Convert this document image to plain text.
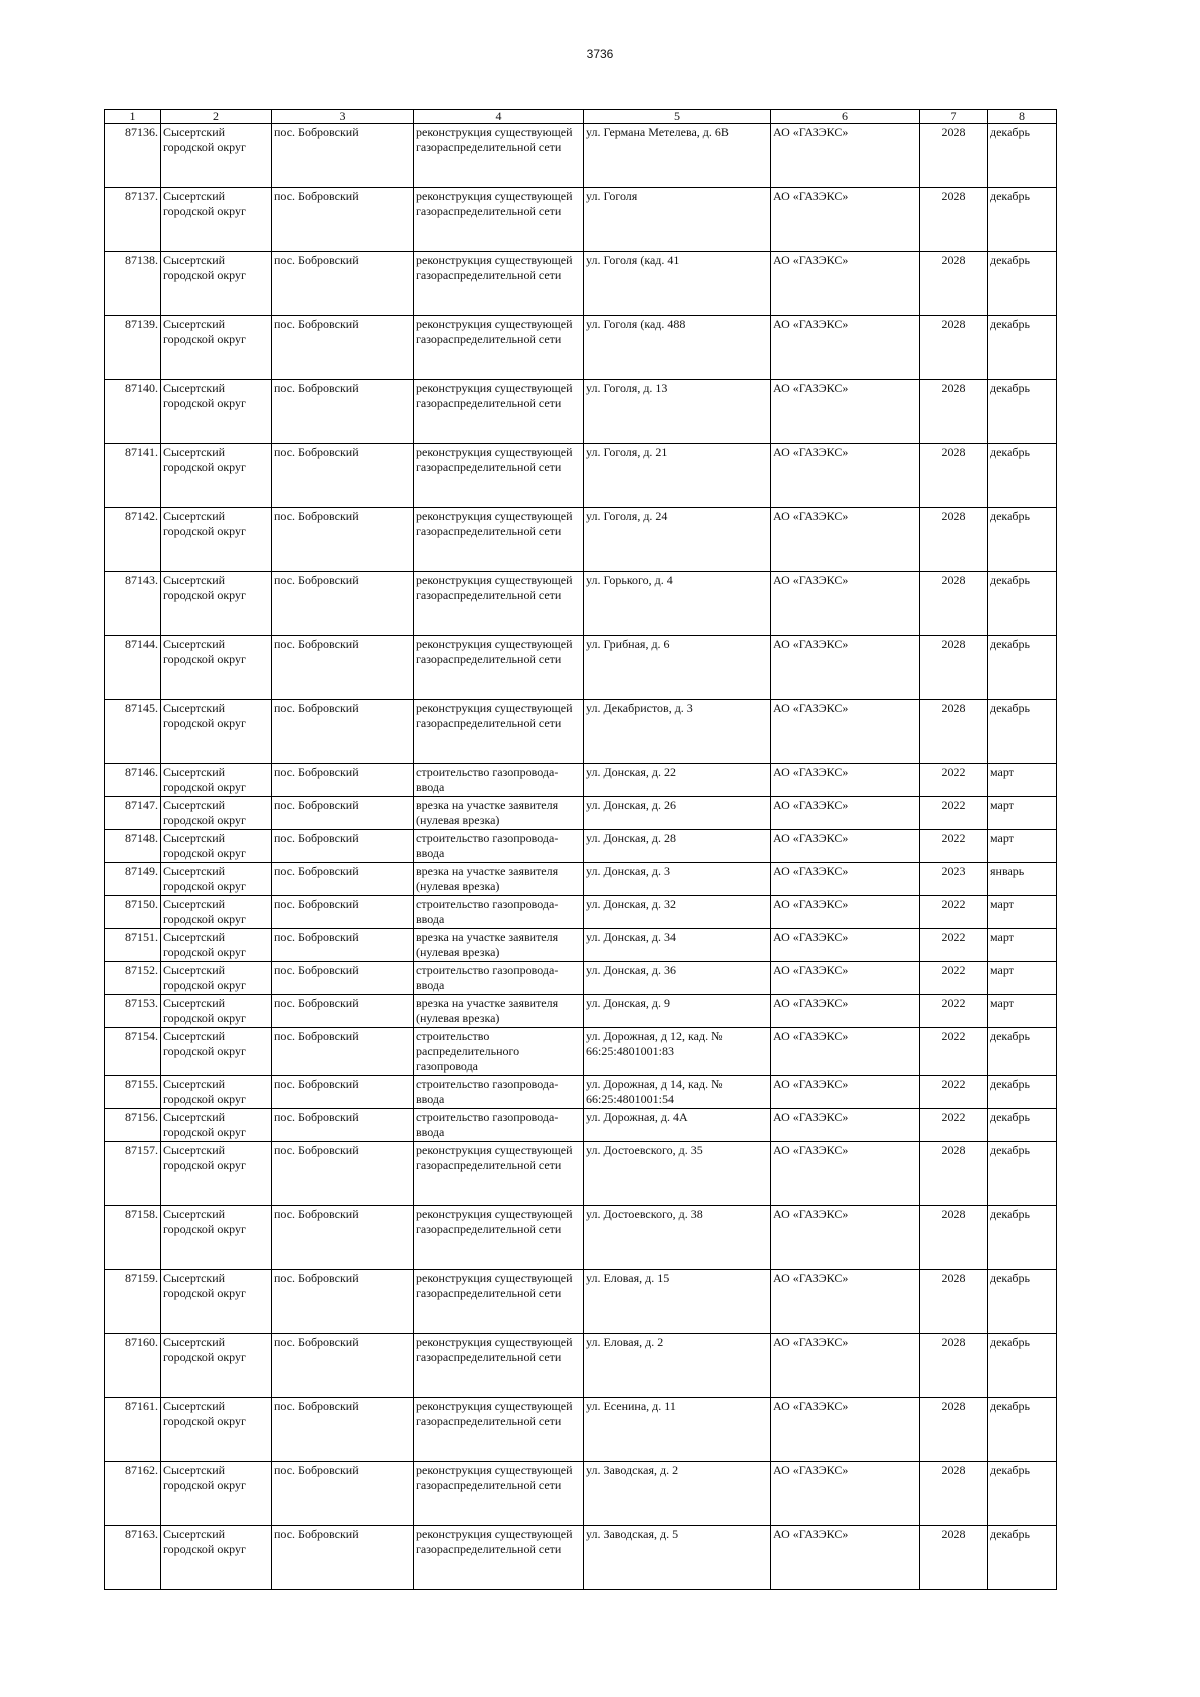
3736
1	2	3	4	5	6	7	8
87136.	Сысертский городской округ	пос. Бобровский	реконструкция существующей газораспределительной сети	ул. Германа Метелева, д. 6В	АО «ГАЗЭКС»	2028	декабрь
87137.	Сысертский городской округ	пос. Бобровский	реконструкция существующей газораспределительной сети	ул. Гоголя	АО «ГАЗЭКС»	2028	декабрь
87138.	Сысертский городской округ	пос. Бобровский	реконструкция существующей газораспределительной сети	ул. Гоголя (кад. 41	АО «ГАЗЭКС»	2028	декабрь
87139.	Сысертский городской округ	пос. Бобровский	реконструкция существующей газораспределительной сети	ул. Гоголя (кад. 488	АО «ГАЗЭКС»	2028	декабрь
87140.	Сысертский городской округ	пос. Бобровский	реконструкция существующей газораспределительной сети	ул. Гоголя, д. 13	АО «ГАЗЭКС»	2028	декабрь
87141.	Сысертский городской округ	пос. Бобровский	реконструкция существующей газораспределительной сети	ул. Гоголя, д. 21	АО «ГАЗЭКС»	2028	декабрь
87142.	Сысертский городской округ	пос. Бобровский	реконструкция существующей газораспределительной сети	ул. Гоголя, д. 24	АО «ГАЗЭКС»	2028	декабрь
87143.	Сысертский городской округ	пос. Бобровский	реконструкция существующей газораспределительной сети	ул. Горького, д. 4	АО «ГАЗЭКС»	2028	декабрь
87144.	Сысертский городской округ	пос. Бобровский	реконструкция существующей газораспределительной сети	ул. Грибная, д. 6	АО «ГАЗЭКС»	2028	декабрь
87145.	Сысертский городской округ	пос. Бобровский	реконструкция существующей газораспределительной сети	ул. Декабристов, д. 3	АО «ГАЗЭКС»	2028	декабрь
87146.	Сысертский городской округ	пос. Бобровский	строительство газопровода-ввода	ул. Донская, д. 22	АО «ГАЗЭКС»	2022	март
87147.	Сысертский городской округ	пос. Бобровский	врезка на участке заявителя (нулевая врезка)	ул. Донская, д. 26	АО «ГАЗЭКС»	2022	март
87148.	Сысертский городской округ	пос. Бобровский	строительство газопровода-ввода	ул. Донская, д. 28	АО «ГАЗЭКС»	2022	март
87149.	Сысертский городской округ	пос. Бобровский	врезка на участке заявителя (нулевая врезка)	ул. Донская, д. 3	АО «ГАЗЭКС»	2023	январь
87150.	Сысертский городской округ	пос. Бобровский	строительство газопровода-ввода	ул. Донская, д. 32	АО «ГАЗЭКС»	2022	март
87151.	Сысертский городской округ	пос. Бобровский	врезка на участке заявителя (нулевая врезка)	ул. Донская, д. 34	АО «ГАЗЭКС»	2022	март
87152.	Сысертский городской округ	пос. Бобровский	строительство газопровода-ввода	ул. Донская, д. 36	АО «ГАЗЭКС»	2022	март
87153.	Сысертский городской округ	пос. Бобровский	врезка на участке заявителя (нулевая врезка)	ул. Донская, д. 9	АО «ГАЗЭКС»	2022	март
87154.	Сысертский городской округ	пос. Бобровский	строительство распределительного газопровода	ул. Дорожная, д 12, кад. № 66:25:4801001:83	АО «ГАЗЭКС»	2022	декабрь
87155.	Сысертский городской округ	пос. Бобровский	строительство газопровода-ввода	ул. Дорожная, д 14, кад. № 66:25:4801001:54	АО «ГАЗЭКС»	2022	декабрь
87156.	Сысертский городской округ	пос. Бобровский	строительство газопровода-ввода	ул. Дорожная, д. 4А	АО «ГАЗЭКС»	2022	декабрь
87157.	Сысертский городской округ	пос. Бобровский	реконструкция существующей газораспределительной сети	ул. Достоевского, д. 35	АО «ГАЗЭКС»	2028	декабрь
87158.	Сысертский городской округ	пос. Бобровский	реконструкция существующей газораспределительной сети	ул. Достоевского, д. 38	АО «ГАЗЭКС»	2028	декабрь
87159.	Сысертский городской округ	пос. Бобровский	реконструкция существующей газораспределительной сети	ул. Еловая, д. 15	АО «ГАЗЭКС»	2028	декабрь
87160.	Сысертский городской округ	пос. Бобровский	реконструкция существующей газораспределительной сети	ул. Еловая, д. 2	АО «ГАЗЭКС»	2028	декабрь
87161.	Сысертский городской округ	пос. Бобровский	реконструкция существующей газораспределительной сети	ул. Есенина, д. 11	АО «ГАЗЭКС»	2028	декабрь
87162.	Сысертский городской округ	пос. Бобровский	реконструкция существующей газораспределительной сети	ул. Заводская, д. 2	АО «ГАЗЭКС»	2028	декабрь
87163.	Сысертский городской округ	пос. Бобровский	реконструкция существующей газораспределительной сети	ул. Заводская, д. 5	АО «ГАЗЭКС»	2028	декабрь
